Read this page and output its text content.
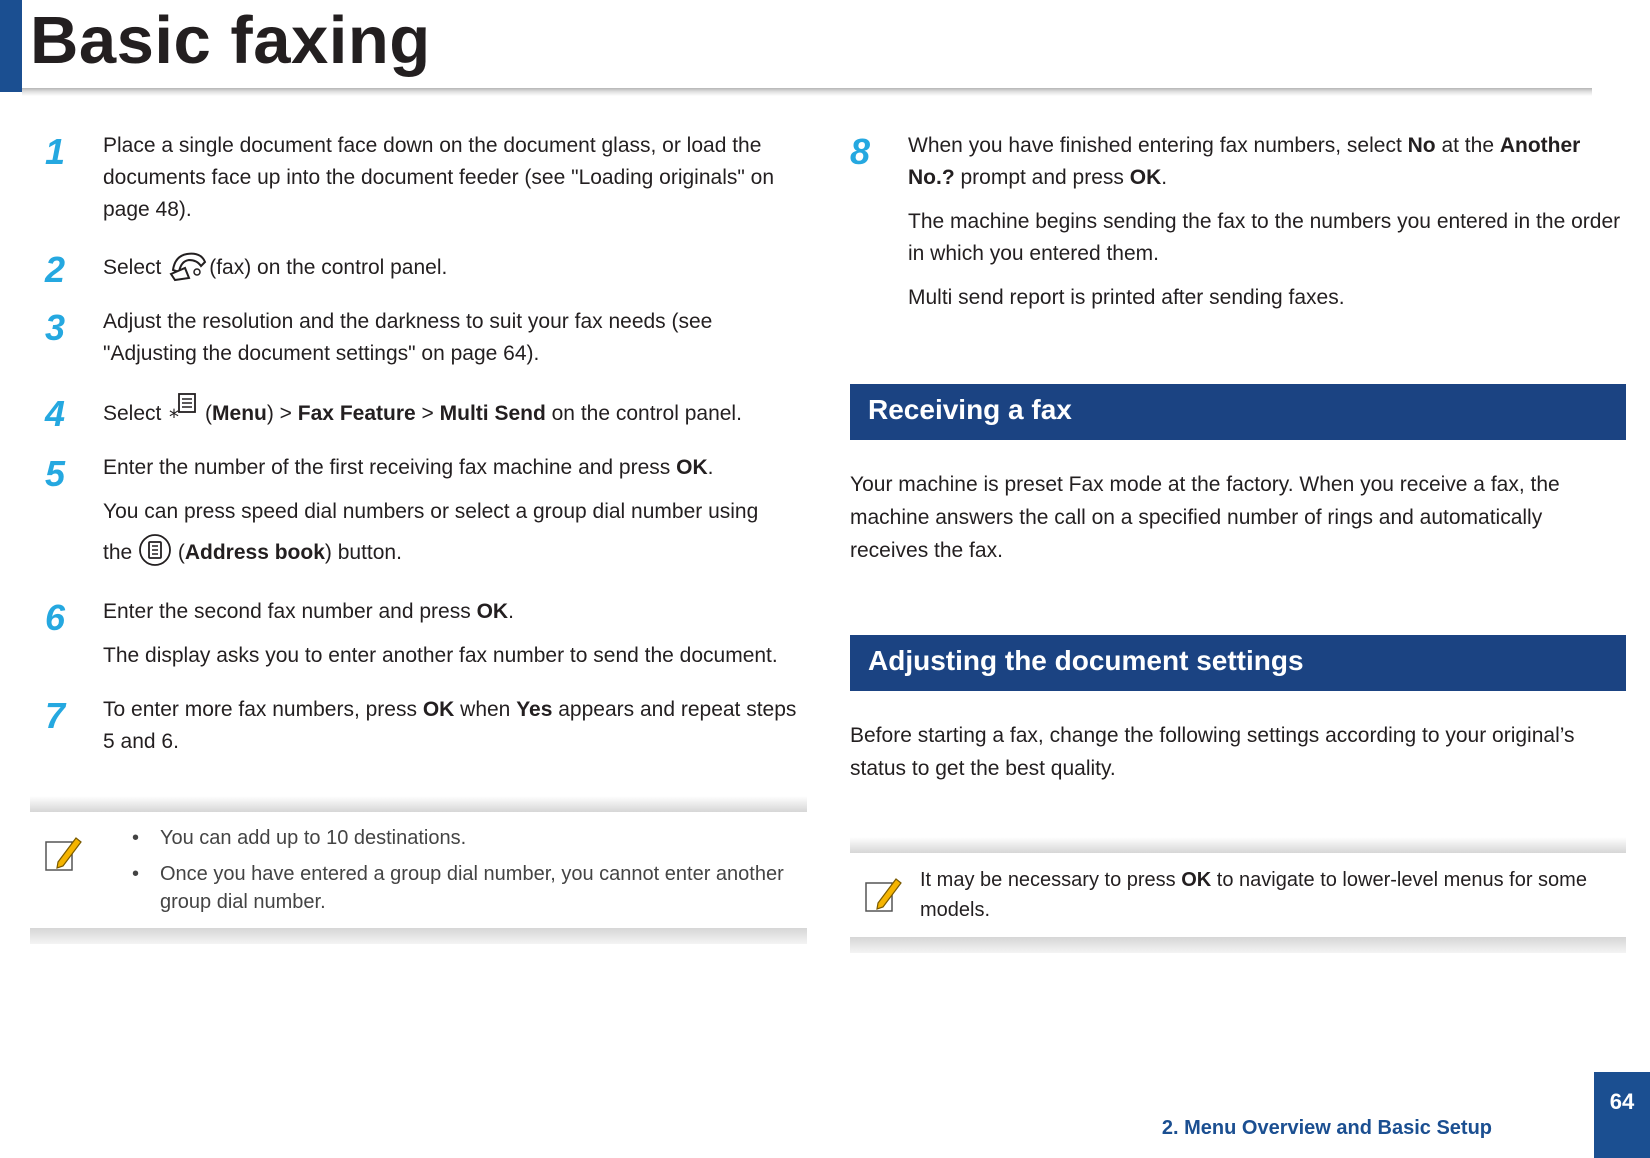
Basic faxing
1 Place a single document face down on the document glass, or load the documents face up into the document feeder (see "Loading originals" on page 48).

2 Select (fax) on the control panel.

3 Adjust the resolution and the darkness to suit your fax needs (see "Adjusting the document settings" on page 64).

4 Select * (Menu) > Fax Feature > Multi Send on the control panel.

5 Enter the number of the first receiving fax machine and press OK.

You can press speed dial numbers or select a group dial number using

the  (Address book) button.

6 Enter the second fax number and press OK.

The display asks you to enter another fax number to send the document.

7 To enter more fax numbers, press OK when Yes appears and repeat steps 5 and 6.

• You can add up to 10 destinations.
• Once you have entered a group dial number, you cannot enter another group dial number.
8 When you have finished entering fax numbers, select No at the Another No.? prompt and press OK.

The machine begins sending the fax to the numbers you entered in the order in which you entered them.

Multi send report is printed after sending faxes.

Receiving a fax

Your machine is preset Fax mode at the factory. When you receive a fax, the machine answers the call on a specified number of rings and automatically receives the fax.

Adjusting the document settings

Before starting a fax, change the following settings according to your original’s status to get the best quality.

It may be necessary to press OK to navigate to lower-level menus for some models.

2. Menu Overview and Basic Setup
64
